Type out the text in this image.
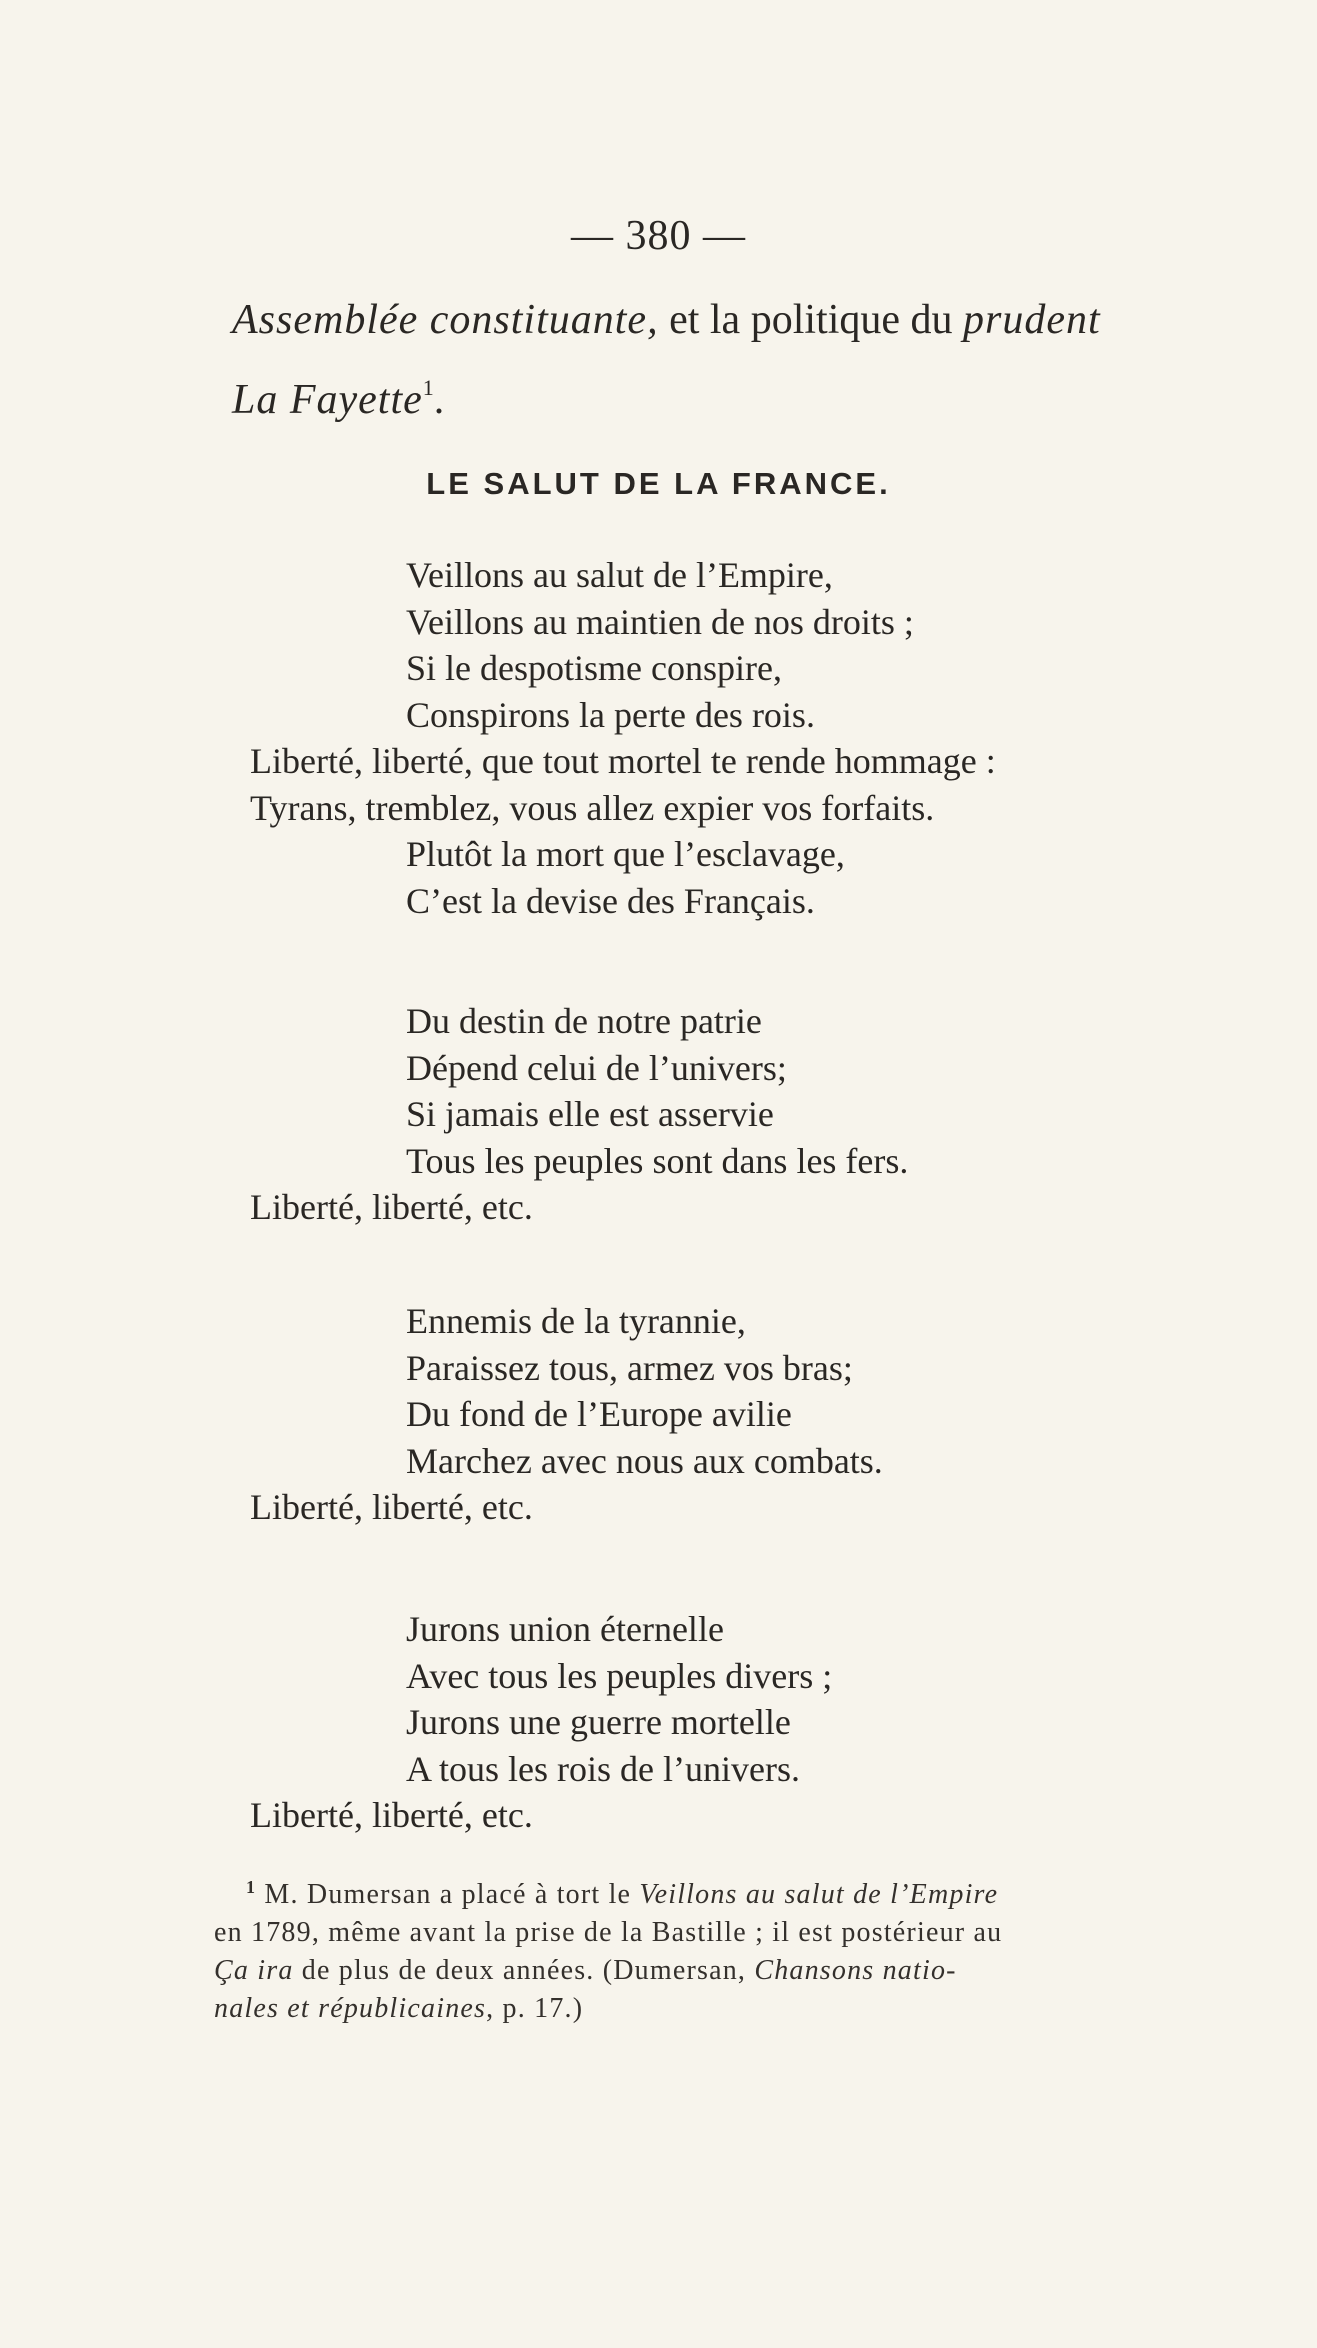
— 380 —
Assemblée constituante, et la politique du prudent
La Fayette$^1$.
LE SALUT DE LA FRANCE.
Veillons au salut de l’Empire,
Veillons au maintien de nos droits ;
Si le despotisme conspire,
Conspirons la perte des rois.
Liberté, liberté, que tout mortel te rende hommage :
Tyrans, tremblez, vous allez expier vos forfaits.
Plutôt la mort que l’esclavage,
C’est la devise des Français.
Du destin de notre patrie
Dépend celui de l’univers;
Si jamais elle est asservie
Tous les peuples sont dans les fers.
Liberté, liberté, etc.
Ennemis de la tyrannie,
Paraissez tous, armez vos bras;
Du fond de l’Europe avilie
Marchez avec nous aux combats.
Liberté, liberté, etc.
Jurons union éternelle
Avec tous les peuples divers ;
Jurons une guerre mortelle
A tous les rois de l’univers.
Liberté, liberté, etc.
$^1$ M. Dumersan a placé à tort le Veillons au salut de l’Empire
en 1789, même avant la prise de la Bastille ; il est postérieur au
Ça ira de plus de deux années. (Dumersan, Chansons natio-
nales et républicaines, p. 17.)
